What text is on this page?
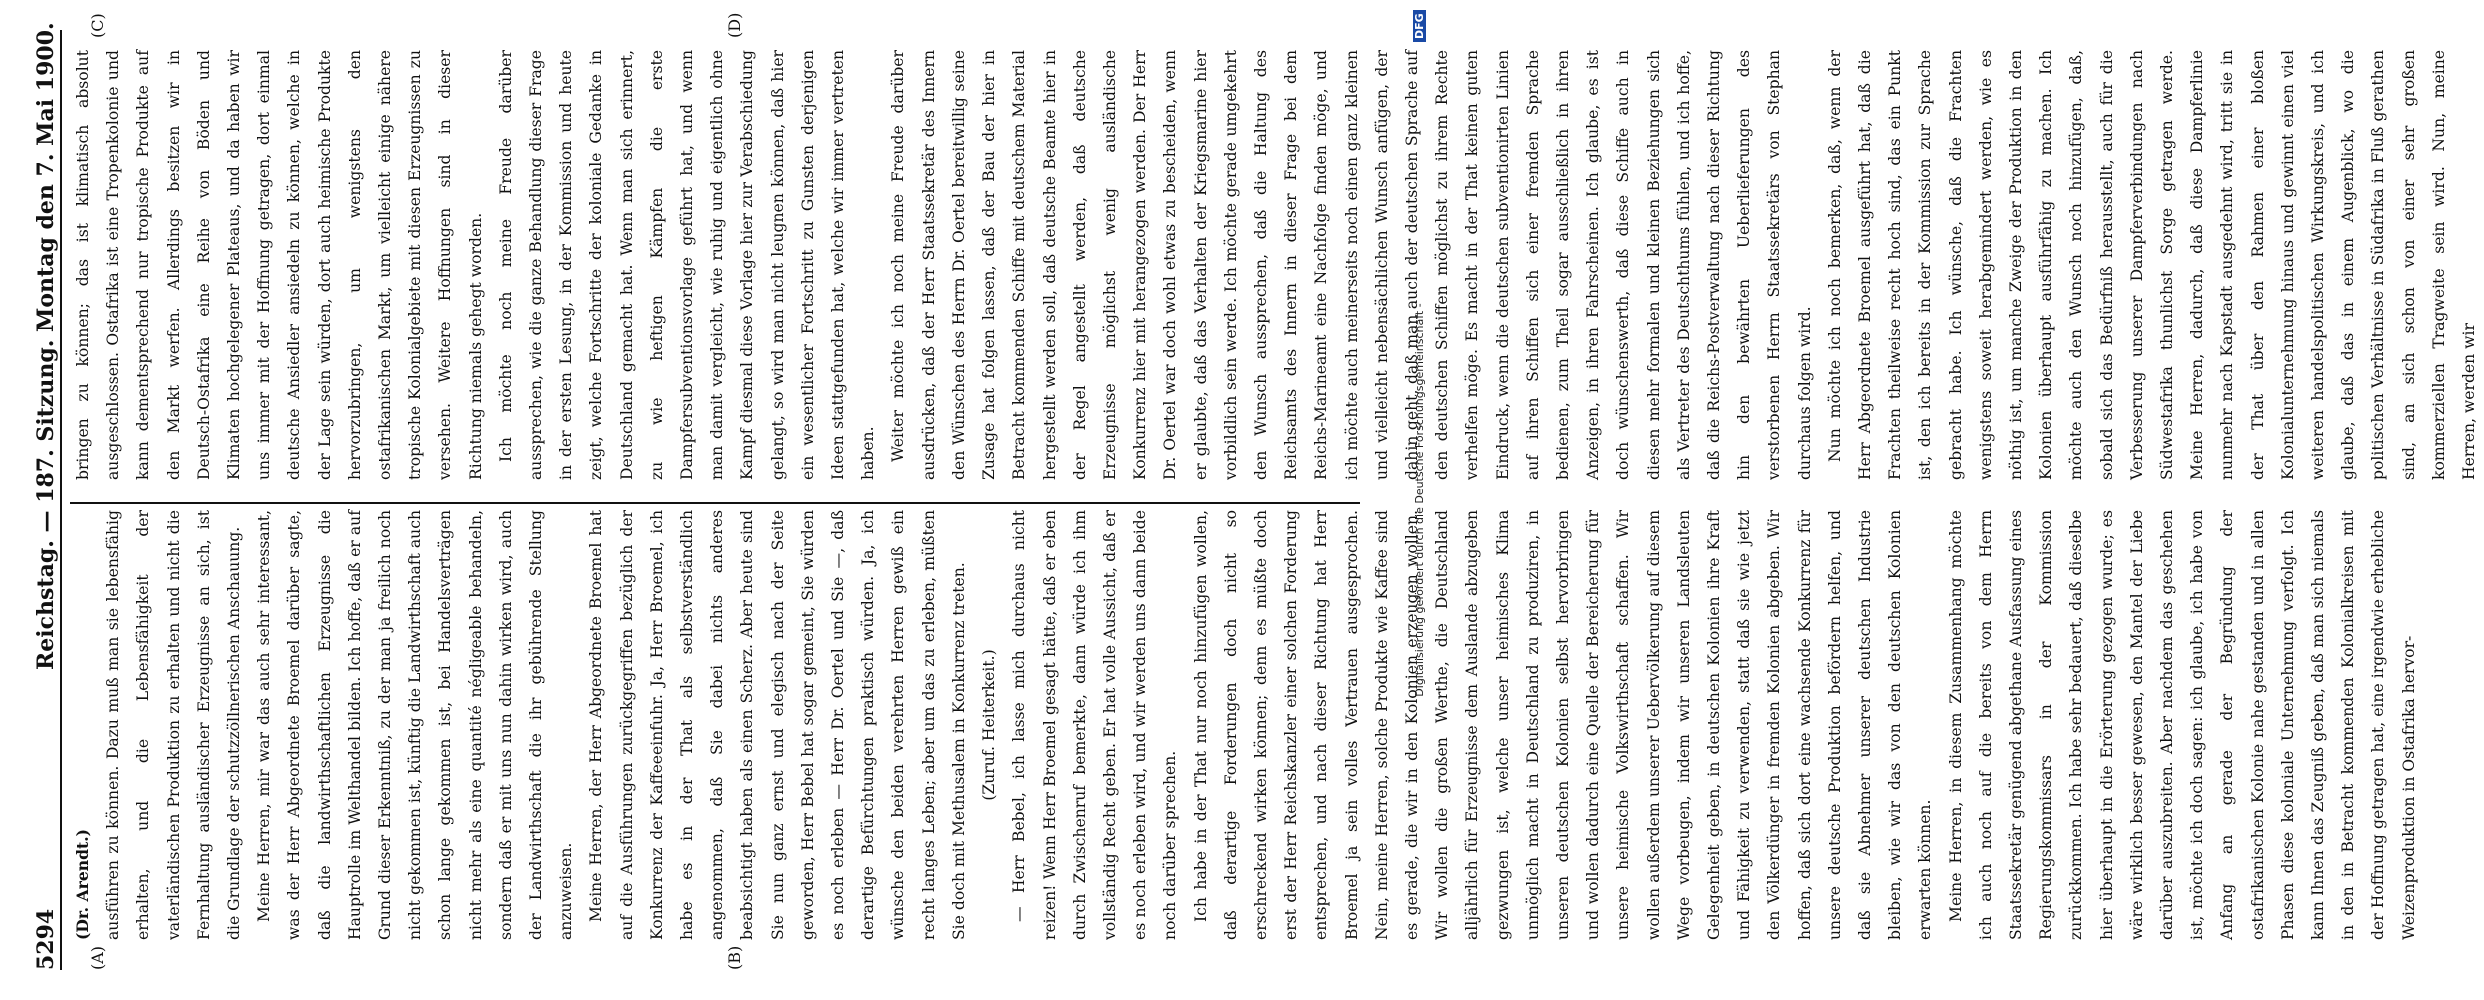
5294
Reichstag. — 187. Sitzung. Montag den 7. Mai 1900.
(A)	(B)
(C)	(D)

(Dr. Arendt.) ausführen zu können. Dazu muß man sie lebensfähig erhalten, und die Lebensfähigkeit der vaterländischen Produktion zu erhalten und nicht die Fernhaltung ausländischer Erzeugnisse an sich, ist die Grundlage der schutzzöllnerischen Anschauung. Meine Herren, mir war das auch sehr interessant, was der Herr Abgeordnete Broemel darüber sagte, daß die landwirthschaftlichen Erzeugnisse die Hauptrolle im Welthandel bilden. Ich hoffe, daß er auf Grund dieser Erkenntniß, zu der man ja freilich noch nicht gekommen ist, künftig die Landwirthschaft auch schon lange gekommen ist, bei Handelsverträgen nicht mehr als eine quantité négligeable behandeln, sondern daß er mit uns nun dahin wirken wird, auch der Landwirthschaft die ihr gebührende Stellung anzuweisen. Meine Herren, der Herr Abgeordnete Broemel hat auf die Ausführungen zurückgegriffen bezüglich der Konkurrenz der Kaffeeeinfuhr. Ja, Herr Broemel, ich habe es in der That als selbstverständlich angenommen, daß Sie dabei nichts anderes beabsichtigt haben als einen Scherz. Aber heute sind Sie nun ganz ernst und elegisch nach der Seite geworden, Herr Bebel hat sogar gemeint, Sie würden es noch erleben — Herr Dr. Oertel und Sie —, daß derartige Befürchtungen praktisch würden. Ja, ich wünsche den beiden verehrten Herren gewiß ein recht langes Leben; aber um das zu erleben, müßten Sie doch mit Methusalem in Konkurrenz treten. (Zuruf. Heiterkeit.) — Herr Bebel, ich lasse mich durchaus nicht reizen! Wenn Herr Broemel gesagt hätte, daß er eben durch Zwischenruf bemerkte, dann würde ich ihm vollständig Recht geben. Er hat volle Aussicht, daß er es noch erleben wird, und wir werden uns dann beide noch darüber sprechen. Ich habe in der That nur noch hinzufügen wollen, daß derartige Forderungen doch nicht so erschreckend wirken können; denn es müßte doch erst der Herr Reichskanzler einer solchen Forderung entsprechen, und nach dieser Richtung hat Herr Broemel ja sein volles Vertrauen ausgesprochen. Nein, meine Herren, solche Produkte wie Kaffee sind es gerade, die wir in den Kolonien erzeugen wollen. Wir wollen die großen Werthe, die Deutschland alljährlich für Erzeugnisse dem Auslande abzugeben gezwungen ist, welche unser heimisches Klima unmöglich macht in Deutschland zu produziren, in unseren deutschen Kolonien selbst hervorbringen und wollen dadurch eine Quelle der Bereicherung für unsere heimische Volkswirthschaft schaffen. Wir wollen außerdem unserer Uebervölkerung auf diesem Wege vorbeugen, indem wir unseren Landsleuten Gelegenheit geben, in deutschen Kolonien ihre Kraft und Fähigkeit zu verwenden, statt daß sie wie jetzt den Völkerdünger in fremden Kolonien abgeben. Wir hoffen, daß sich dort eine wachsende Konkurrenz für unsere deutsche Produktion befördern helfen, und daß sie Abnehmer unserer deutschen Industrie bleiben, wie wir das von den deutschen Kolonien erwarten können. Meine Herren, in diesem Zusammenhang möchte ich auch noch auf die bereits von dem Herrn Staatssekretär genügend abgethane Ausfassung eines Regierungskommissars in der Kommission zurückkommen. Ich habe sehr bedauert, daß dieselbe hier überhaupt in die Erörterung gezogen wurde; es wäre wirklich besser gewesen, den Mantel der Liebe darüber auszubreiten. Aber nachdem das geschehen ist, möchte ich doch sagen: ich glaube, ich habe von Anfang an gerade der Begründung der ostafrikanischen Kolonie nahe gestanden und in allen Phasen diese koloniale Unternehmung verfolgt. Ich kann Ihnen das Zeugniß geben, daß man sich niemals in den in Betracht kommenden Kolonialkreisen mit der Hoffnung getragen hat, eine irgendwie erhebliche Weizenproduktion in Ostafrika hervor-

bringen zu können; das ist klimatisch absolut ausgeschlossen. Ostafrika ist eine Tropenkolonie und kann dementsprechend nur tropische Produkte auf den Markt werfen. Allerdings besitzen wir in Deutsch-Ostafrika eine Reihe von Böden und Klimaten hochgelegener Plateaus, und da haben wir uns immer mit der Hoffnung getragen, dort einmal deutsche Ansiedler ansiedeln zu können, welche in der Lage sein würden, dort auch heimische Produkte hervorzubringen, um wenigstens den ostafrikanischen Markt, um vielleicht einige nähere tropische Kolonialgebiete mit diesen Erzeugnissen zu versehen. Weitere Hoffnungen sind in dieser Richtung niemals gehegt worden. Ich möchte noch meine Freude darüber aussprechen, wie die ganze Behandlung dieser Frage in der ersten Lesung, in der Kommission und heute zeigt, welche Fortschritte der koloniale Gedanke in Deutschland gemacht hat. Wenn man sich erinnert, zu wie heftigen Kämpfen die erste Dampfersubventionsvorlage geführt hat, und wenn man damit vergleicht, wie ruhig und eigentlich ohne Kampf diesmal diese Vorlage hier zur Verabschiedung gelangt, so wird man nicht leugnen können, daß hier ein wesentlicher Fortschritt zu Gunsten derjenigen Ideen stattgefunden hat, welche wir immer vertreten haben. Weiter möchte ich noch meine Freude darüber ausdrücken, daß der Herr Staatssekretär des Innern den Wünschen des Herrn Dr. Oertel bereitwillig seine Zusage hat folgen lassen, daß der Bau der hier in Betracht kommenden Schiffe mit deutschem Material hergestellt werden soll, daß deutsche Beamte hier in der Regel angestellt werden, daß deutsche Erzeugnisse möglichst wenig ausländische Konkurrenz hier mit herangezogen werden. Der Herr Dr. Oertel war doch wohl etwas zu bescheiden, wenn er glaubte, daß das Verhalten der Kriegsmarine hier vorbildlich sein werde. Ich möchte gerade umgekehrt den Wunsch aussprechen, daß die Haltung des Reichsamts des Innern in dieser Frage bei dem Reichs-Marineamt eine Nachfolge finden möge, und ich möchte auch meinerseits noch einen ganz kleinen und vielleicht nebensächlichen Wunsch anfügen, der dahin geht, daß man auch der deutschen Sprache auf den deutschen Schiffen möglichst zu ihrem Rechte verhelfen möge. Es macht in der That keinen guten Eindruck, wenn die deutschen subventionirten Linien auf ihren Schiffen sich einer fremden Sprache bedienen, zum Theil sogar ausschließlich in ihren Anzeigen, in ihren Fahrscheinen. Ich glaube, es ist doch wünschenswerth, daß diese Schiffe auch in diesen mehr formalen und kleinen Beziehungen sich als Vertreter des Deutschthums fühlen, und ich hoffe, daß die Reichs-Postverwaltung nach dieser Richtung hin den bewährten Ueberlieferungen des verstorbenen Herrn Staatssekretärs von Stephan durchaus folgen wird. Nun möchte ich noch bemerken, daß, wenn der Herr Abgeordnete Broemel ausgeführt hat, daß die Frachten theilweise recht hoch sind, das ein Punkt ist, den ich bereits in der Kommission zur Sprache gebracht habe. Ich wünsche, daß die Frachten wenigstens soweit herabgemindert werden, wie es nöthig ist, um manche Zweige der Produktion in den Kolonien überhaupt ausführfähig zu machen. Ich möchte auch den Wunsch noch hinzufügen, daß, sobald sich das Bedürfniß herausstellt, auch für die Verbesserung unserer Dampferverbindungen nach Südwestafrika thunlichst Sorge getragen werde. Meine Herren, dadurch, daß diese Dampferlinie nunmehr nach Kapstadt ausgedehnt wird, tritt sie in der That über den Rahmen einer bloßen Kolonialunternehmung hinaus und gewinnt einen viel weiteren handelspolitischen Wirkungskreis, und ich glaube, daß das in einem Augenblick, wo die politischen Verhältnisse in Südafrika in Fluß gerathen sind, an sich schon von einer sehr großen kommerziellen Tragweite sein wird. Nun, meine Herren, werden wir

Digitalisierung gefördert durch die Deutsche Forschungsgemeinschaft -
DFG
